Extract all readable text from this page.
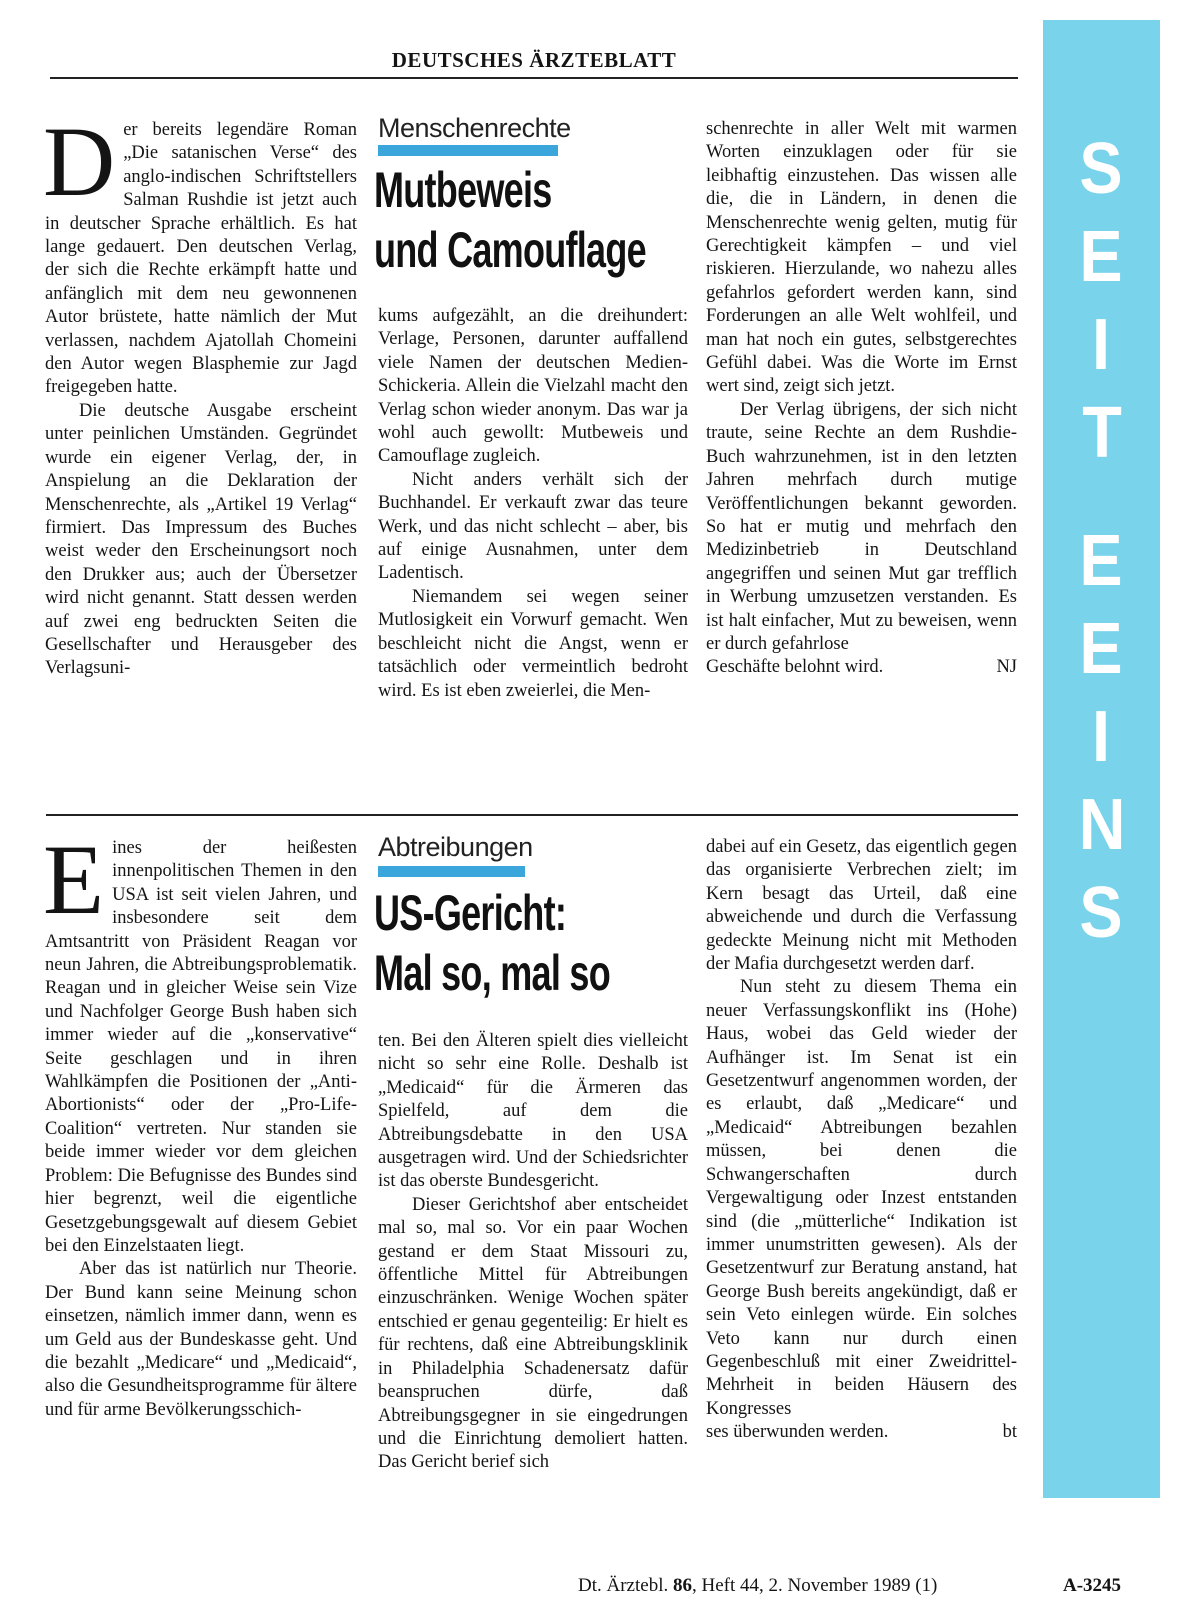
DEUTSCHES ÄRZTEBLATT
S
E
I
T
E
E
I
N
S
Menschenrechte
Mutbeweis
und Camouflage

Der bereits legendäre Roman „Die satanischen Verse“ des anglo-indischen Schriftstellers Salman Rushdie ist jetzt auch in deutscher Sprache erhältlich. Es hat lange gedauert. Den deutschen Verlag, der sich die Rechte erkämpft hatte und anfänglich mit dem neu gewonnenen Autor brüstete, hatte nämlich der Mut verlassen, nachdem Ajatollah Chomeini den Autor wegen Blasphemie zur Jagd freigegeben hatte.

Die deutsche Ausgabe erscheint unter peinlichen Umständen. Gegründet wurde ein eigener Verlag, der, in Anspielung an die Deklaration der Menschenrechte, als „Artikel 19 Verlag“ firmiert. Das Impressum des Buches weist weder den Erscheinungsort noch den Drukker aus; auch der Übersetzer wird nicht genannt. Statt dessen werden auf zwei eng bedruckten Seiten die Gesellschafter und Herausgeber des Verlagsuni-

kums aufgezählt, an die dreihundert: Verlage, Personen, darunter auffallend viele Namen der deutschen Medien-Schickeria. Allein die Vielzahl macht den Verlag schon wieder anonym. Das war ja wohl auch gewollt: Mutbeweis und Camouflage zugleich.

Nicht anders verhält sich der Buchhandel. Er verkauft zwar das teure Werk, und das nicht schlecht – aber, bis auf einige Ausnahmen, unter dem Ladentisch.

Niemandem sei wegen seiner Mutlosigkeit ein Vorwurf gemacht. Wen beschleicht nicht die Angst, wenn er tatsächlich oder vermeintlich bedroht wird. Es ist eben zweierlei, die Men-

schenrechte in aller Welt mit warmen Worten einzuklagen oder für sie leibhaftig einzustehen. Das wissen alle die, die in Ländern, in denen die Menschenrechte wenig gelten, mutig für Gerechtigkeit kämpfen – und viel riskieren. Hierzulande, wo nahezu alles gefahrlos gefordert werden kann, sind Forderungen an alle Welt wohlfeil, und man hat noch ein gutes, selbstgerechtes Gefühl dabei. Was die Worte im Ernst wert sind, zeigt sich jetzt.

Der Verlag übrigens, der sich nicht traute, seine Rechte an dem Rushdie-Buch wahrzunehmen, ist in den letzten Jahren mehrfach durch mutige Veröffentlichungen bekannt geworden. So hat er mutig und mehrfach den Medizinbetrieb in Deutschland angegriffen und seinen Mut gar trefflich in Werbung umzusetzen verstanden. Es ist halt einfacher, Mut zu beweisen, wenn er durch gefahrlose

Geschäfte belohnt wird.	NJ
Abtreibungen
US-Gericht:
Mal so, mal so

Eines der heißesten innenpolitischen Themen in den USA ist seit vielen Jahren, und insbesondere seit dem Amtsantritt von Präsident Reagan vor neun Jahren, die Abtreibungsproblematik. Reagan und in gleicher Weise sein Vize und Nachfolger George Bush haben sich immer wieder auf die „konservative“ Seite geschlagen und in ihren Wahlkämpfen die Positionen der „Anti-Abortionists“ oder der „Pro-Life-Coalition“ vertreten. Nur standen sie beide immer wieder vor dem gleichen Problem: Die Befugnisse des Bundes sind hier begrenzt, weil die eigentliche Gesetzgebungsgewalt auf diesem Gebiet bei den Einzelstaaten liegt.

Aber das ist natürlich nur Theorie. Der Bund kann seine Meinung schon einsetzen, nämlich immer dann, wenn es um Geld aus der Bundeskasse geht. Und die bezahlt „Medicare“ und „Medicaid“, also die Gesundheitsprogramme für ältere und für arme Bevölkerungsschich-

ten. Bei den Älteren spielt dies vielleicht nicht so sehr eine Rolle. Deshalb ist „Medicaid“ für die Ärmeren das Spielfeld, auf dem die Abtreibungsdebatte in den USA ausgetragen wird. Und der Schiedsrichter ist das oberste Bundesgericht.

Dieser Gerichtshof aber entscheidet mal so, mal so. Vor ein paar Wochen gestand er dem Staat Missouri zu, öffentliche Mittel für Abtreibungen einzuschränken. Wenige Wochen später entschied er genau gegenteilig: Er hielt es für rechtens, daß eine Abtreibungsklinik in Philadelphia Schadenersatz dafür beanspruchen dürfe, daß Abtreibungsgegner in sie eingedrungen und die Einrichtung demoliert hatten. Das Gericht berief sich

dabei auf ein Gesetz, das eigentlich gegen das organisierte Verbrechen zielt; im Kern besagt das Urteil, daß eine abweichende und durch die Verfassung gedeckte Meinung nicht mit Methoden der Mafia durchgesetzt werden darf.

Nun steht zu diesem Thema ein neuer Verfassungskonflikt ins (Hohe) Haus, wobei das Geld wieder der Aufhänger ist. Im Senat ist ein Gesetzentwurf angenommen worden, der es erlaubt, daß „Medicare“ und „Medicaid“ Abtreibungen bezahlen müssen, bei denen die Schwangerschaften durch Vergewaltigung oder Inzest entstanden sind (die „mütterliche“ Indikation ist immer unumstritten gewesen). Als der Gesetzentwurf zur Beratung anstand, hat George Bush bereits angekündigt, daß er sein Veto einlegen würde. Ein solches Veto kann nur durch einen Gegenbeschluß mit einer Zweidrittel-Mehrheit in beiden Häusern des Kongresses

ses überwunden werden.	bt
Dt. Ärztebl. 86, Heft 44, 2. November 1989 (1)	A-3245
